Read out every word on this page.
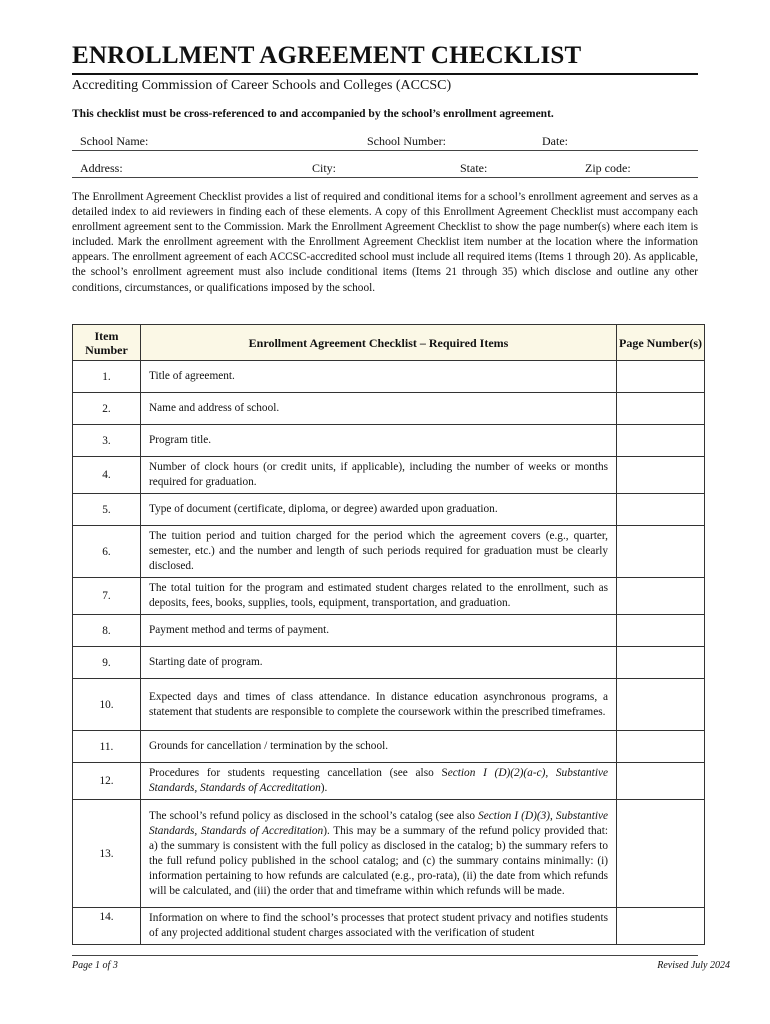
ENROLLMENT AGREEMENT CHECKLIST
Accrediting Commission of Career Schools and Colleges (ACCSC)
This checklist must be cross-referenced to and accompanied by the school’s enrollment agreement.
School Name:	School Number:	Date:
Address:	City:	State:	Zip code:
The Enrollment Agreement Checklist provides a list of required and conditional items for a school’s enrollment agreement and serves as a detailed index to aid reviewers in finding each of these elements. A copy of this Enrollment Agreement Checklist must accompany each enrollment agreement sent to the Commission. Mark the Enrollment Agreement Checklist to show the page number(s) where each item is included. Mark the enrollment agreement with the Enrollment Agreement Checklist item number at the location where the information appears. The enrollment agreement of each ACCSC-accredited school must include all required items (Items 1 through 20). As applicable, the school’s enrollment agreement must also include conditional items (Items 21 through 35) which disclose and outline any other conditions, circumstances, or qualifications imposed by the school.
Item Number	Enrollment Agreement Checklist – Required Items	Page Number(s)
1.	Title of agreement.	
2.	Name and address of school.	
3.	Program title.	
4.	Number of clock hours (or credit units, if applicable), including the number of weeks or months required for graduation.	
5.	Type of document (certificate, diploma, or degree) awarded upon graduation.	
6.	The tuition period and tuition charged for the period which the agreement covers (e.g., quarter, semester, etc.) and the number and length of such periods required for graduation must be clearly disclosed.	
7.	The total tuition for the program and estimated student charges related to the enrollment, such as deposits, fees, books, supplies, tools, equipment, transportation, and graduation.	
8.	Payment method and terms of payment.	
9.	Starting date of program.	
10.	Expected days and times of class attendance. In distance education asynchronous programs, a statement that students are responsible to complete the coursework within the prescribed timeframes.	
11.	Grounds for cancellation / termination by the school.	
12.	Procedures for students requesting cancellation (see also Section I (D)(2)(a-c), Substantive Standards, Standards of Accreditation).	
13.	The school’s refund policy as disclosed in the school’s catalog (see also Section I (D)(3), Substantive Standards, Standards of Accreditation). This may be a summary of the refund policy provided that: a) the summary is consistent with the full policy as disclosed in the catalog; b) the summary refers to the full refund policy published in the school catalog; and (c) the summary contains minimally: (i) information pertaining to how refunds are calculated (e.g., pro-rata), (ii) the date from which refunds will be calculated, and (iii) the order that and timeframe within which refunds will be made.	
14.	Information on where to find the school’s processes that protect student privacy and notifies students of any projected additional student charges associated with the verification of student	
Page 1 of 3	Revised July 2024
